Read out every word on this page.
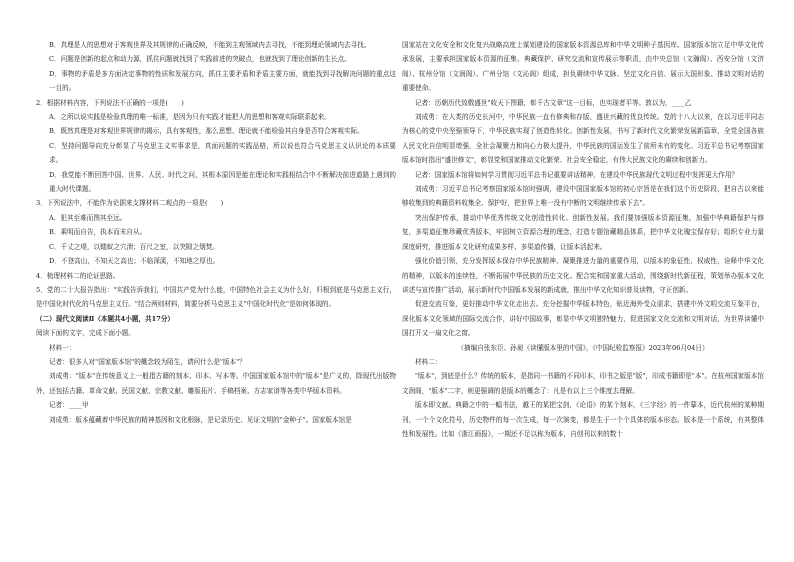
B．真理是人的思想对于客观世界及其规律的正确反映，不能到主观领域内去寻找，不能到理论领域内去寻找。

C．问题是创新的起点和动力源，抓住问题就找到了实践前进的突破点，也就找到了理论创新的生长点。

D．事物的矛盾是多方面决定事物的性质和发展方向，抓住主要矛盾和矛盾主要方面，就能找到寻找解决问题的重点这一目的。

2．根据材料内容，下列说法不正确的一项是(　　)

A．之所以说实践是检验真理的唯一标准，是因为只有实践才能把人的思想和客观实际联系起来。

B．既然真理是对客观世界规律的揭示，具有客观性，那么思想、理论就不能检验其自身是否符合客观实际。

C．坚持问题导向充分彰显了马克思主义实事求是，真面问题的实践品格，所以说也符合马克思主义认识论的本质要求。

D．我党能不断回答中国、世界、人民、时代之问，其根本原因是能在理论和实践相结合中不断解决前进道路上遇到的重大时代课题。

3．下列说法中，不能作为论据来支撑材料二观点的一项是(　　)

A．犯其至难而图其至远。

B．乘明而自告，执本而末自从。

C．千丈之堤，以蝼蚁之穴溃；百尺之室，以突隙之烟焚。

D．不登高山，不知天之高也；不临深溪，不知地之厚也。

4．梳理材料二的论证思路。

5．党的二十大报告指出："实践告诉我们，中国共产党为什么能，中国特色社会主义为什么好，归根到底是马克思主义行，是中国化时代化的马克思主义行。"结合两则材料，简要分析马克思主义"中国化时代化"是如何体现的。

（二）现代文阅读Ⅱ（本题共4小题，共17分）

阅读下面的文字，完成下面小题。

材料一：

记者：很多人对"国家版本馆"的概念较为陌生，请问什么是"版本"？

刘成勇："版本"在传统意义上一般指古籍的刻本、印本、写本等。中国国家版本馆中的"版本"是广义的，除现代出版物外，还包括古籍、革命文献、民国文献、宗教文献、雕版拓片、手稿档案、方志家谱等各类中华版本资料。

记者：____甲

刘成勇：版本蕴藏着中华民族的精神基因和文化根脉，是记录历史、见证文明的"金种子"。国家版本馆是

国家站在文化安全和文化复兴战略高度上谋划建设的国家版本资源总库和中华文明种子基因库。国家版本馆立足中华文化传承发展，主要承担国家版本资源的征集、典藏保护、研究交流和宣传展示等职责，由中央总馆（文瀚阁）、西安分馆（文济阁）、杭州分馆（文润阁）、广州分馆（文沁阁）组成，担负赓续中华文脉、坚定文化自信、展示大国形象、推动文明对话的重要使命。

记者：历朝历代致敬盛世"收天下图籍，彰千古文章"这一目标，也实现者平等。敦以为，____乙

刘成勇：在人类的历史长河中，中华民族一直有修典和存版、盛世兴藏的优良传统。党的十八大以来，在以习近平同志为核心的党中央坚强领导下，中华民族实现了创造性转化。创新性发展，书写了新时代文化繁荣发展新篇章，全党全国各族人民文化自信明显增强，全社会凝聚力和向心力极大提升，中华民族的国运发生了前所未有的变化。习近平总书记考察国家版本馆时指出"盛世修文"，彰显党和国家推动文化繁荣、社会安全稳定，有伟大民族文化的赓续和创新力。

记者：国家版本馆将如何学习贯彻习近平总书记重要讲话精神，在建设中华民族现代文明过程中发挥更大作用？

刘成勇：习近平总书记考察国家版本馆时强调，建设中国国家版本馆的初心宗旨是在我们这个历史阶段，把自古以来能够收集到的典籍资料收集全、保护好，把世界上唯一没有中断的文明继续传承下去"。

突出保护传承，推动中华优秀传统文化创造性转化、创新性发展。我们要加强版本资源征集，加强中华典籍保护与修复，多渠道征集珍藏优秀版本，牢固树立资源合理的理念，打造专题馆藏精品体系，把中华文化瑰宝保存好；组织专业力量深度研究，推进版本文化研究成果多样、多渠道传播，让版本活起来。

强化价值引领，充分发挥版本保存中华民族精神、凝聚推进力量的重要作用，以版本的象征性、权威性，诠释中华文化的精神，以版本的连续性，不断拓展中华民族的历史文化。配合宪和国家重大活动，围绕新时代新征程，策划举办版本文化讲述与宣传推广活动，展示新时代中国版本发展的新成就，推出中华文化知识普及读物，守正创新。

促进交流互鉴，更好推动中华文化走出去。充分挖掘中华版本特色，贴近海外受众需求，搭建中外文明交流互鉴平台，深化版本文化领域的国际交流合作，讲好中国故事，彰显中华文明独特魅力，促进国家文化交流和文明对话，为世界读懂中国打开又一扇文化之窗。

（摘编自张东臣、孙昶《读懂版本里的中国》，《中国纪检监察报》2023年06月04日）

材料二：

"版本"，到底是什么？传统的版本，是指同一书籍的不同印本，印书之版是"版"，印成书籍即是"本"。在杭州国家版本馆文润阁，"版本"二字，则更强调的是版本的概念了：凡是有以上三个维度去理解。

版本即文献。典籍之中的一幅书法，越王的某把宝剑，《论语》的某个刻本，《三字经》的一件摹本，近代杭州的某种期刊，一个个文化符号，历史物件的每一次生成，每一次演变，都是生于一个个具体的版本形态。版本是一个系统，有其整体性和发展性。比如《浙江画报》，一期还不足以称为版本，自创刊以来的数十
